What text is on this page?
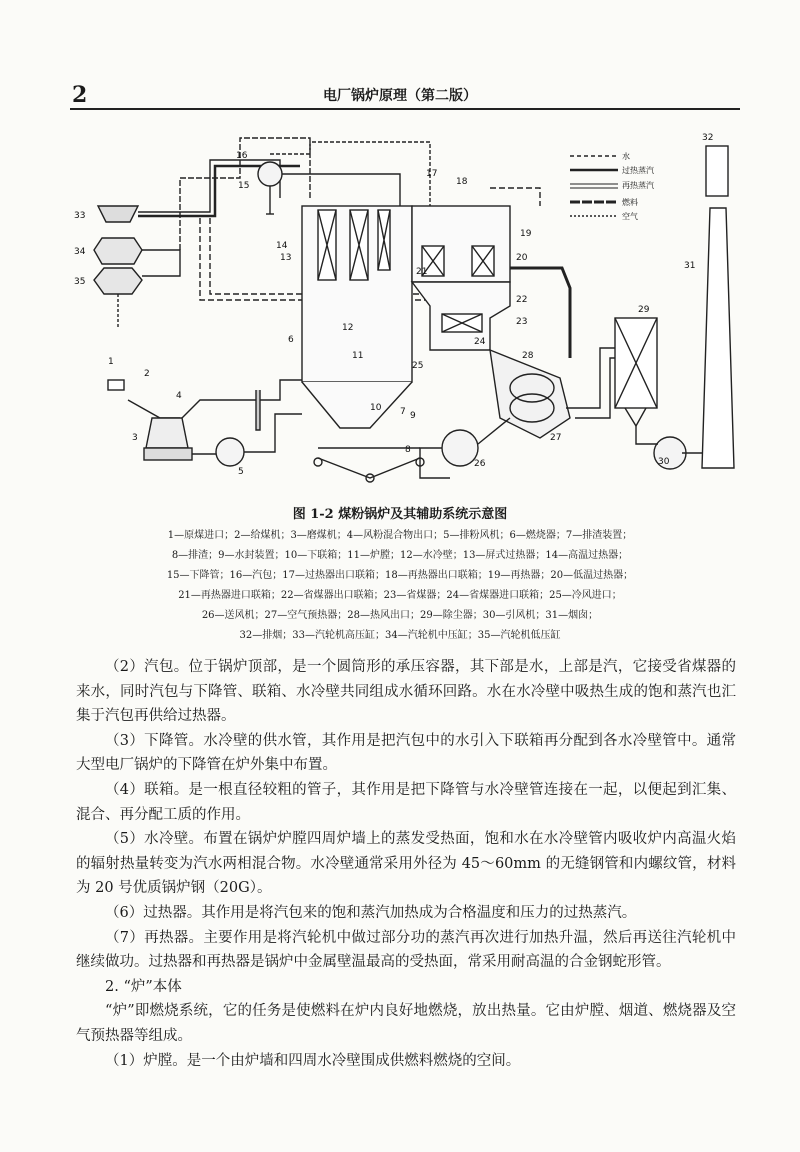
2	电厂锅炉原理（第二版）
水
过热蒸汽
再热蒸汽
燃料
空气
1
2
3
4
5
6
7
8
9
10
11
12
13
14
15
16
17
18
19
20
21
22
23
24
25
26
27
28
29
30
31
32
33
34
35
图 1-2 煤粉锅炉及其辅助系统示意图
1—原煤进口；2—给煤机；3—磨煤机；4—风粉混合物出口；5—排粉风机；6—燃烧器；7—排渣装置；
8—排渣；9—水封装置；10—下联箱；11—炉膛；12—水冷壁；13—屏式过热器；14—高温过热器；
15—下降管；16—汽包；17—过热器出口联箱；18—再热器出口联箱；19—再热器；20—低温过热器；
21—再热器进口联箱；22—省煤器出口联箱；23—省煤器；24—省煤器进口联箱；25—冷风进口；
26—送风机；27—空气预热器；28—热风出口；29—除尘器；30—引风机；31—烟囱；
32—排烟；33—汽轮机高压缸；34—汽轮机中压缸；35—汽轮机低压缸

（2）汽包。位于锅炉顶部，是一个圆筒形的承压容器，其下部是水，上部是汽，它接受省煤器的来水，同时汽包与下降管、联箱、水冷壁共同组成水循环回路。水在水冷壁中吸热生成的饱和蒸汽也汇集于汽包再供给过热器。

（3）下降管。水冷壁的供水管，其作用是把汽包中的水引入下联箱再分配到各水冷壁管中。通常大型电厂锅炉的下降管在炉外集中布置。

（4）联箱。是一根直径较粗的管子，其作用是把下降管与水冷壁管连接在一起，以便起到汇集、混合、再分配工质的作用。

（5）水冷壁。布置在锅炉炉膛四周炉墙上的蒸发受热面，饱和水在水冷壁管内吸收炉内高温火焰的辐射热量转变为汽水两相混合物。水冷壁通常采用外径为 45～60mm 的无缝钢管和内螺纹管，材料为 20 号优质锅炉钢（20G）。

（6）过热器。其作用是将汽包来的饱和蒸汽加热成为合格温度和压力的过热蒸汽。

（7）再热器。主要作用是将汽轮机中做过部分功的蒸汽再次进行加热升温，然后再送往汽轮机中继续做功。过热器和再热器是锅炉中金属壁温最高的受热面，常采用耐高温的合金钢蛇形管。

2. “炉”本体

“炉”即燃烧系统，它的任务是使燃料在炉内良好地燃烧，放出热量。它由炉膛、烟道、燃烧器及空气预热器等组成。

（1）炉膛。是一个由炉墙和四周水冷壁围成供燃料燃烧的空间。
